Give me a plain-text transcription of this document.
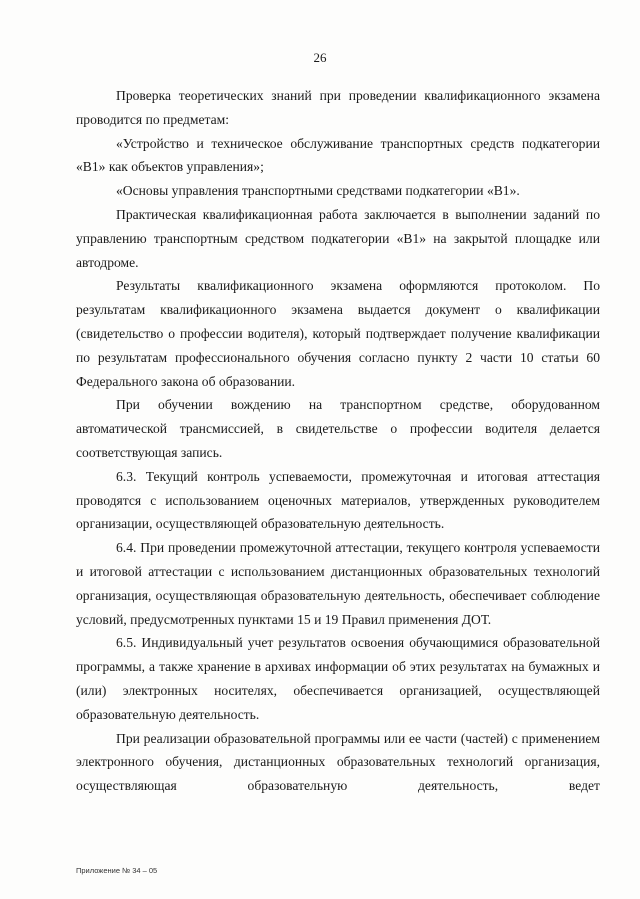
26

Проверка теоретических знаний при проведении квалификационного экзамена проводится по предметам:

«Устройство и техническое обслуживание транспортных средств подкатегории «В1» как объектов управления»;

«Основы управления транспортными средствами подкатегории «В1».

Практическая квалификационная работа заключается в выполнении заданий по управлению транспортным средством подкатегории «В1» на закрытой площадке или автодроме.

Результаты квалификационного экзамена оформляются протоколом. По результатам квалификационного экзамена выдается документ о квалификации (свидетельство о профессии водителя), который подтверждает получение квалификации по результатам профессионального обучения согласно пункту 2 части 10 статьи 60 Федерального закона об образовании.

При обучении вождению на транспортном средстве, оборудованном автоматической трансмиссией, в свидетельстве о профессии водителя делается соответствующая запись.

6.3. Текущий контроль успеваемости, промежуточная и итоговая аттестация проводятся с использованием оценочных материалов, утвержденных руководителем организации, осуществляющей образовательную деятельность.

6.4. При проведении промежуточной аттестации, текущего контроля успеваемости и итоговой аттестации с использованием дистанционных образовательных технологий организация, осуществляющая образовательную деятельность, обеспечивает соблюдение условий, предусмотренных пунктами 15 и 19 Правил применения ДОТ.

6.5. Индивидуальный учет результатов освоения обучающимися образовательной программы, а также хранение в архивах информации об этих результатах на бумажных и (или) электронных носителях, обеспечивается организацией, осуществляющей образовательную деятельность.

При реализации образовательной программы или ее части (частей) с применением электронного обучения, дистанционных образовательных технологий организация, осуществляющая образовательную деятельность, ведет

Приложение № 34 – 05
